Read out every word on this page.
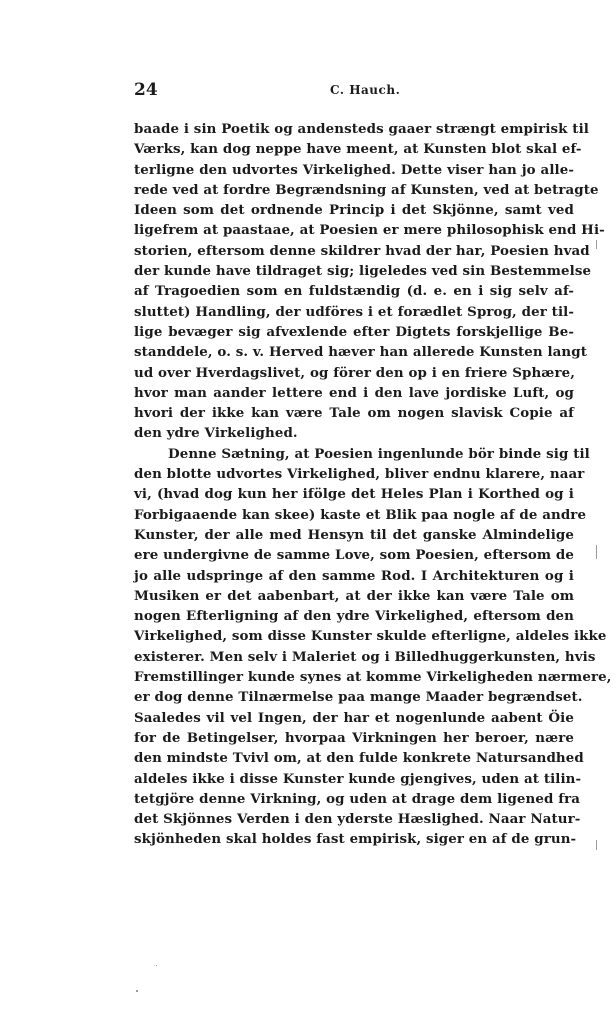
24	C. Hauch.
baade i sin Poetik og andensteds gaaer strængt empirisk til
Værks, kan dog neppe have meent, at Kunsten blot skal ef-
terligne den udvortes Virkelighed. Dette viser han jo alle-
rede ved at fordre Begrændsning af Kunsten, ved at betragte
Ideen som det ordnende Princip i det Skjönne, samt ved
ligefrem at paastaae, at Poesien er mere philosophisk end Hi-
storien, eftersom denne skildrer hvad der har, Poesien hvad
der kunde have tildraget sig; ligeledes ved sin Bestemmelse
af Tragoedien som en fuldstændig (d. e. en i sig selv af-
sluttet) Handling, der udföres i et forædlet Sprog, der til-
lige bevæger sig afvexlende efter Digtets forskjellige Be-
standdele, o. s. v. Herved hæver han allerede Kunsten langt
ud over Hverdagslivet, og förer den op i en friere Sphære,
hvor man aander lettere end i den lave jordiske Luft, og
hvori der ikke kan være Tale om nogen slavisk Copie af
den ydre Virkelighed.
Denne Sætning, at Poesien ingenlunde bör binde sig til
den blotte udvortes Virkelighed, bliver endnu klarere, naar
vi, (hvad dog kun her ifölge det Heles Plan i Korthed og i
Forbigaaende kan skee) kaste et Blik paa nogle af de andre
Kunster, der alle med Hensyn til det ganske Almindelige
ere undergivne de samme Love, som Poesien, eftersom de
jo alle udspringe af den samme Rod. I Architekturen og i
Musiken er det aabenbart, at der ikke kan være Tale om
nogen Efterligning af den ydre Virkelighed, eftersom den
Virkelighed, som disse Kunster skulde efterligne, aldeles ikke
existerer. Men selv i Maleriet og i Billedhuggerkunsten, hvis
Fremstillinger kunde synes at komme Virkeligheden nærmere,
er dog denne Tilnærmelse paa mange Maader begrændset.
Saaledes vil vel Ingen, der har et nogenlunde aabent Öie
for de Betingelser, hvorpaa Virkningen her beroer, nære
den mindste Tvivl om, at den fulde konkrete Natursandhed
aldeles ikke i disse Kunster kunde gjengives, uden at tilin-
tetgjöre denne Virkning, og uden at drage dem ligened fra
det Skjönnes Verden i den yderste Hæslighed. Naar Natur-
skjönheden skal holdes fast empirisk, siger en af de grun-
